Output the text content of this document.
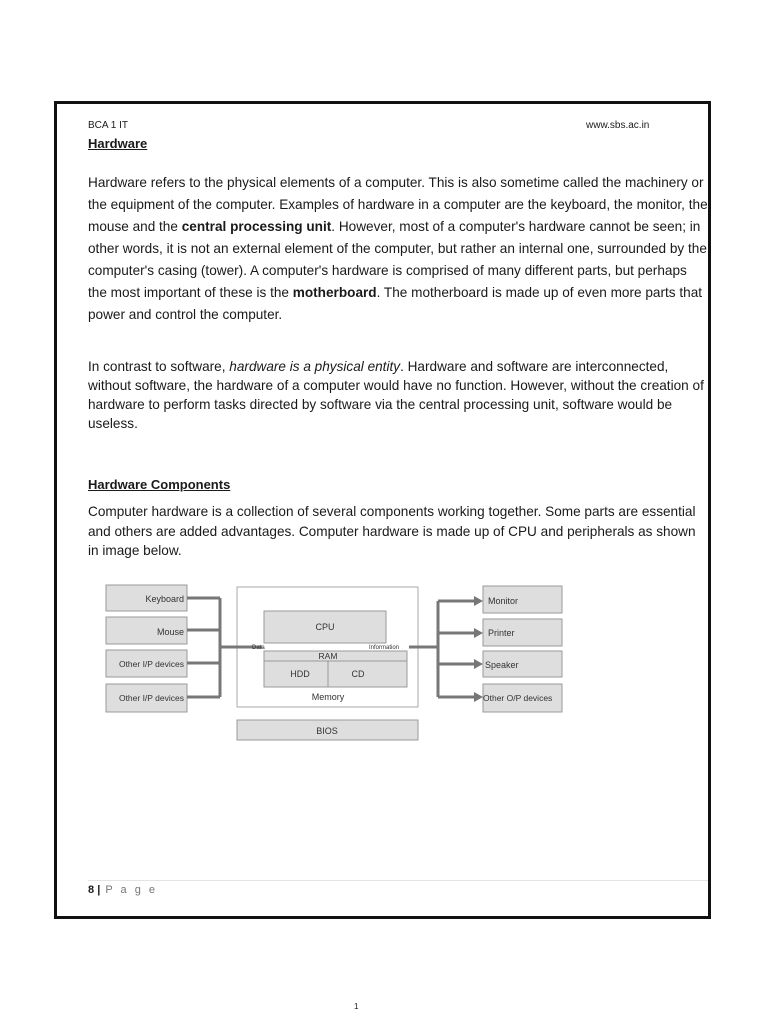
BCA 1 IT	www.sbs.ac.in
Hardware

Hardware refers to the physical elements of a computer. This is also sometime called the machinery or the equipment of the computer. Examples of hardware in a computer are the keyboard, the monitor, the mouse and the central processing unit. However, most of a computer's hardware cannot be seen; in other words, it is not an external element of the computer, but rather an internal one, surrounded by the computer's casing (tower). A computer's hardware is comprised of many different parts, but perhaps the most important of these is the motherboard. The motherboard is made up of even more parts that power and control the computer.

In contrast to software, hardware is a physical entity. Hardware and software are interconnected, without software, the hardware of a computer would have no function. However, without the creation of hardware to perform tasks directed by software via the central processing unit, software would be useless.

Hardware Components

Computer hardware is a collection of several components working together. Some parts are essential and others are added advantages. Computer hardware is made up of CPU and peripherals as shown in image below.

Keyboard
Mouse
Other I/P devices
Other I/P devices
Monitor
Printer
Speaker
Other O/P devices
CPU
RAM
HDD	CD
Memory
Data	Information
BIOS
8 | P a g e
1
